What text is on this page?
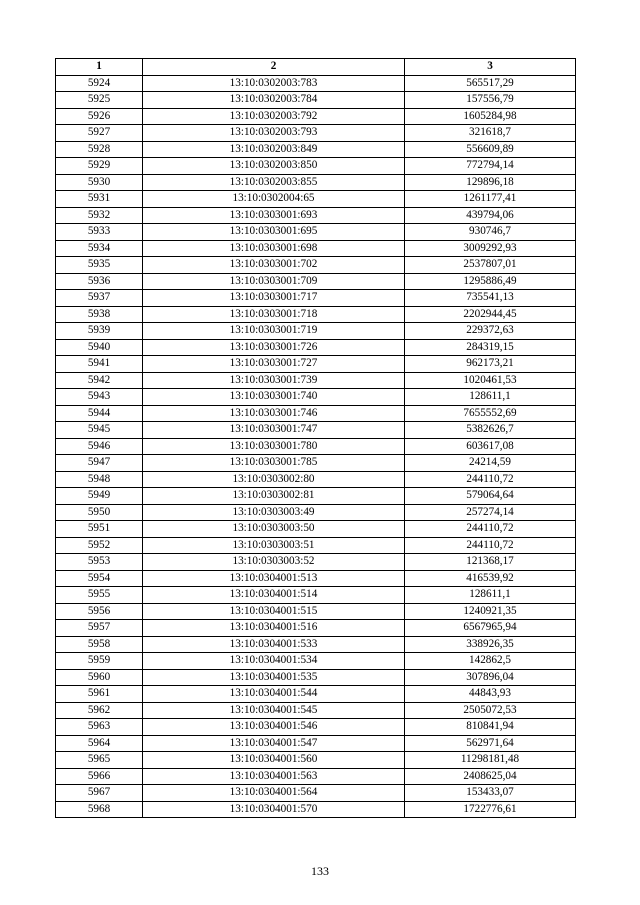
1	2	3
5924	13:10:0302003:783	565517,29
5925	13:10:0302003:784	157556,79
5926	13:10:0302003:792	1605284,98
5927	13:10:0302003:793	321618,7
5928	13:10:0302003:849	556609,89
5929	13:10:0302003:850	772794,14
5930	13:10:0302003:855	129896,18
5931	13:10:0302004:65	1261177,41
5932	13:10:0303001:693	439794,06
5933	13:10:0303001:695	930746,7
5934	13:10:0303001:698	3009292,93
5935	13:10:0303001:702	2537807,01
5936	13:10:0303001:709	1295886,49
5937	13:10:0303001:717	735541,13
5938	13:10:0303001:718	2202944,45
5939	13:10:0303001:719	229372,63
5940	13:10:0303001:726	284319,15
5941	13:10:0303001:727	962173,21
5942	13:10:0303001:739	1020461,53
5943	13:10:0303001:740	128611,1
5944	13:10:0303001:746	7655552,69
5945	13:10:0303001:747	5382626,7
5946	13:10:0303001:780	603617,08
5947	13:10:0303001:785	24214,59
5948	13:10:0303002:80	244110,72
5949	13:10:0303002:81	579064,64
5950	13:10:0303003:49	257274,14
5951	13:10:0303003:50	244110,72
5952	13:10:0303003:51	244110,72
5953	13:10:0303003:52	121368,17
5954	13:10:0304001:513	416539,92
5955	13:10:0304001:514	128611,1
5956	13:10:0304001:515	1240921,35
5957	13:10:0304001:516	6567965,94
5958	13:10:0304001:533	338926,35
5959	13:10:0304001:534	142862,5
5960	13:10:0304001:535	307896,04
5961	13:10:0304001:544	44843,93
5962	13:10:0304001:545	2505072,53
5963	13:10:0304001:546	810841,94
5964	13:10:0304001:547	562971,64
5965	13:10:0304001:560	11298181,48
5966	13:10:0304001:563	2408625,04
5967	13:10:0304001:564	153433,07
5968	13:10:0304001:570	1722776,61
133
